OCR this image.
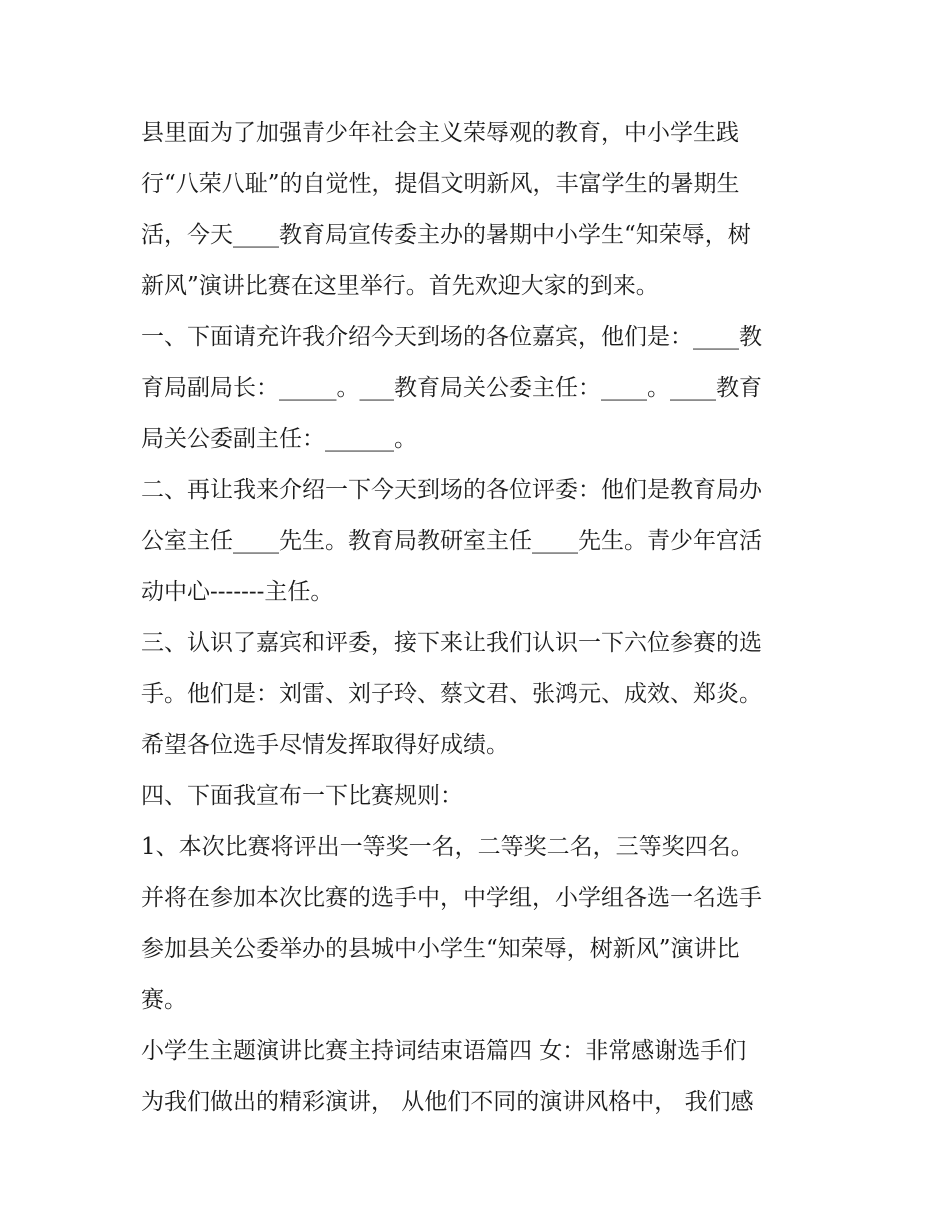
县里面为了加强青少年社会主义荣辱观的教育，中小学生践
行“八荣八耻”的自觉性，提倡文明新风，丰富学生的暑期生
活，今天____教育局宣传委主办的暑期中小学生“知荣辱，树
新风”演讲比赛在这里举行。首先欢迎大家的到来。
一、下面请充许我介绍今天到场的各位嘉宾，他们是：____教
育局副局长：_____。___教育局关公委主任：____。____教育
局关公委副主任：______。
二、再让我来介绍一下今天到场的各位评委：他们是教育局办
公室主任____先生。教育局教研室主任____先生。青少年宫活
动中心-------主任。
三、认识了嘉宾和评委，接下来让我们认识一下六位参赛的选
手。他们是：刘雷、刘子玲、蔡文君、张鸿元、成效、郑炎。
希望各位选手尽情发挥取得好成绩。
四、下面我宣布一下比赛规则：
1、本次比赛将评出一等奖一名，二等奖二名，三等奖四名。
并将在参加本次比赛的选手中，中学组，小学组各选一名选手
参加县关公委举办的县城中小学生“知荣辱，树新风”演讲比
赛。
小学生主题演讲比赛主持词结束语篇四 女：非常感谢选手们
为我们做出的精彩演讲， 从他们不同的演讲风格中， 我们感
